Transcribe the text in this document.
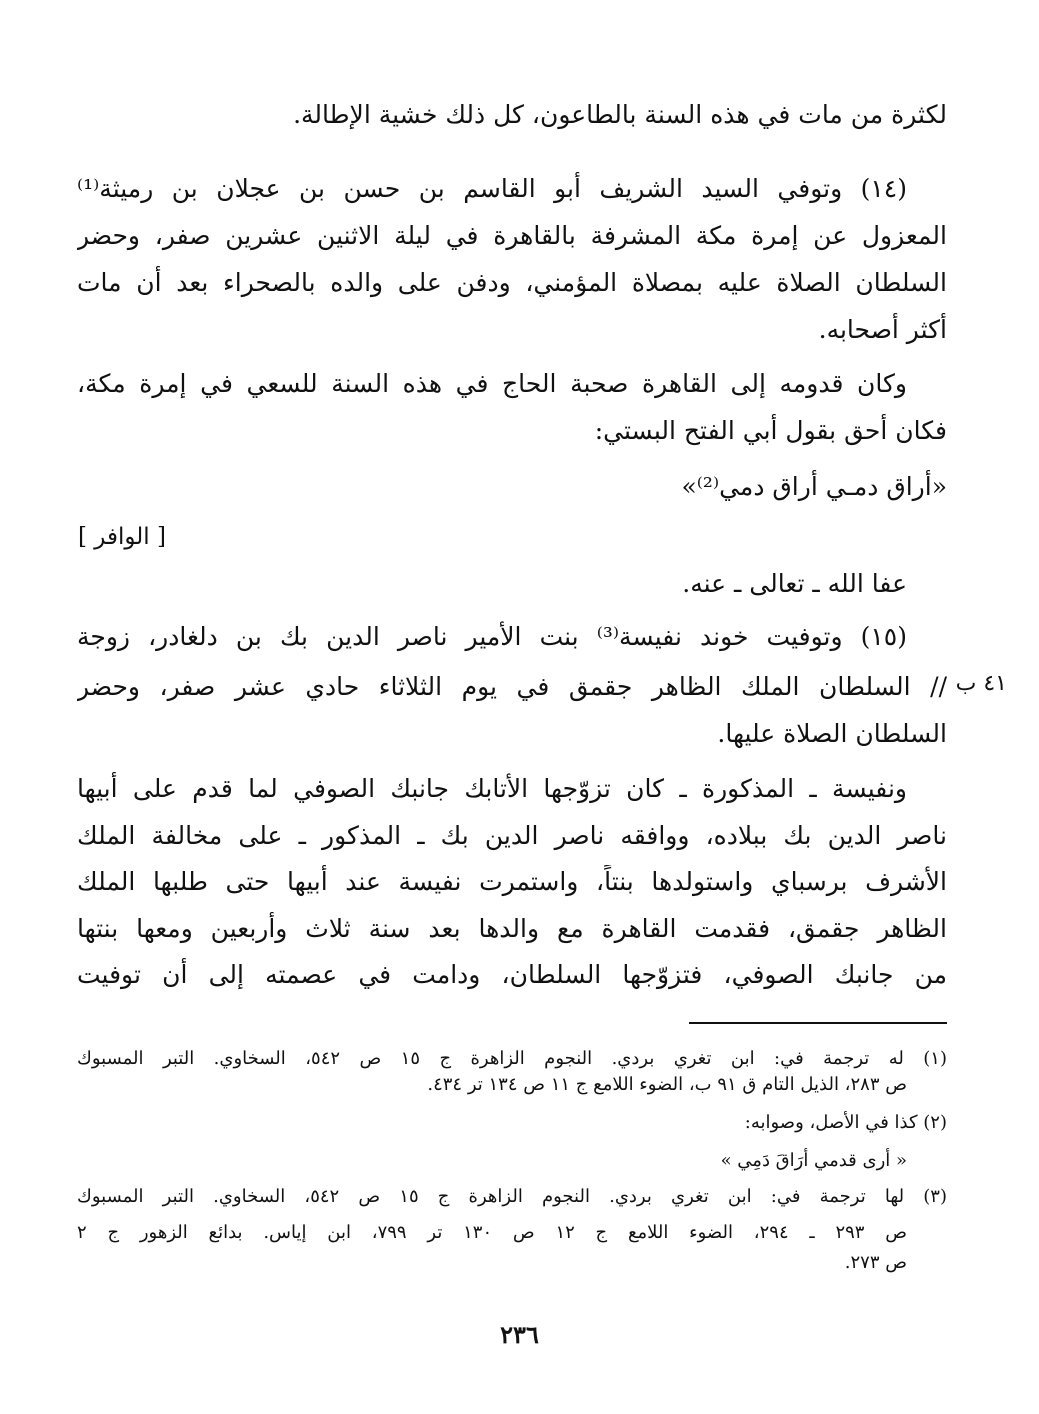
لكثرة من مات في هذه السنة بالطاعون، كل ذلك خشية الإطالة.
(١٤) وتوفي السيد الشريف أبو القاسم بن حسن بن عجلان بن رميثة⁽¹⁾
المعزول عن إمرة مكة المشرفة بالقاهرة في ليلة الاثنين عشرين صفر، وحضر
السلطان الصلاة عليه بمصلاة المؤمني، ودفن على والده بالصحراء بعد أن مات
أكثر أصحابه.
وكان قدومه إلى القاهرة صحبة الحاج في هذه السنة للسعي في إمرة مكة،
فكان أحق بقول أبي الفتح البستي:
«أراق دمـي أراق دمي⁽²⁾»
[ الوافر ]
عفا الله ـ تعالى ـ عنه.
(١٥) وتوفيت خوند نفيسة⁽³⁾ بنت الأمير ناصر الدين بك بن دلغادر، زوجة
٤١ ب
// السلطان الملك الظاهر جقمق في يوم الثلاثاء حادي عشر صفر، وحضر
السلطان الصلاة عليها.
ونفيسة ـ المذكورة ـ كان تزوّجها الأتابك جانبك الصوفي لما قدم على أبيها
ناصر الدين بك ببلاده، ووافقه ناصر الدين بك ـ المذكور ـ على مخالفة الملك
الأشرف برسباي واستولدها بنتاً، واستمرت نفيسة عند أبيها حتى طلبها الملك
الظاهر جقمق، فقدمت القاهرة مع والدها بعد سنة ثلاث وأربعين ومعها بنتها
من جانبك الصوفي، فتزوّجها السلطان، ودامت في عصمته إلى أن توفيت
(١) له ترجمة في: ابن تغري بردي. النجوم الزاهرة ج ١٥ ص ٥٤٢، السخاوي. التبر المسبوك
ص ٢٨٣، الذيل التام ق ٩١ ب، الضوء اللامع ج ١١ ص ١٣٤ تر ٤٣٤.
(٢) كذا في الأصل، وصوابه:
« أرى قدمي أرَاقَ دَمِي »
(٣) لها ترجمة في: ابن تغري بردي. النجوم الزاهرة ج ١٥ ص ٥٤٢، السخاوي. التبر المسبوك
ص ٢٩٣ ـ ٢٩٤، الضوء اللامع ج ١٢ ص ١٣٠ تر ٧٩٩، ابن إياس. بدائع الزهور ج ٢
ص ٢٧٣.
٢٣٦
